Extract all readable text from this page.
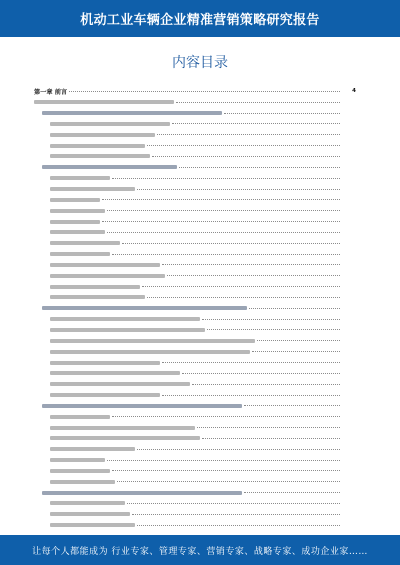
机动工业车辆企业精准营销策略研究报告
内容目录
第一章 前言	4
让每个人都能成为 行业专家、管理专家、营销专家、战略专家、成功企业家……
